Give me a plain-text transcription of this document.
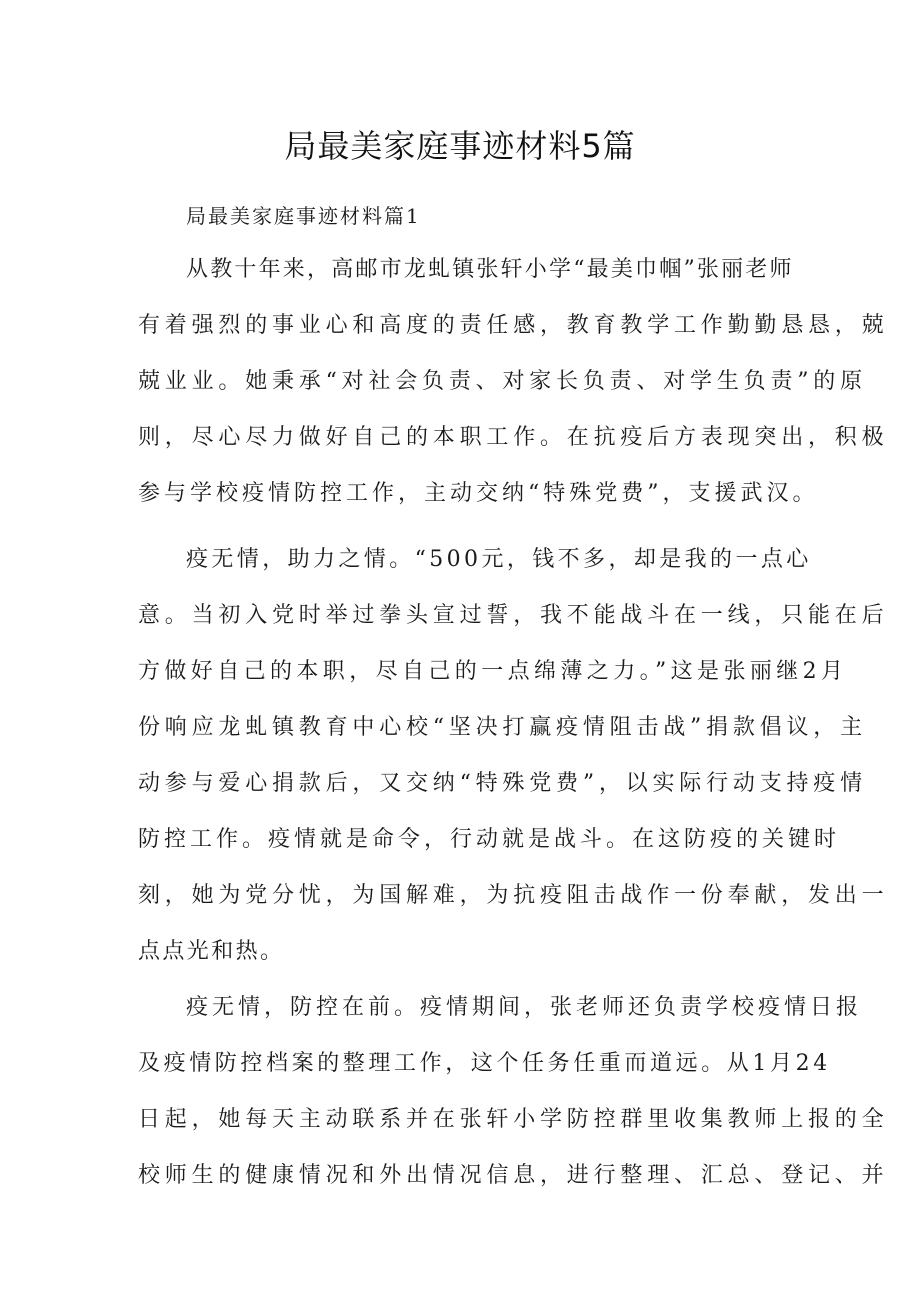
局最美家庭事迹材料5篇

局最美家庭事迹材料篇1

从教十年来，高邮市龙虬镇张轩小学“最美巾帼”张丽老师

有着强烈的事业心和高度的责任感，教育教学工作勤勤恳恳，兢

兢业业。她秉承“对社会负责、对家长负责、对学生负责”的原

则，尽心尽力做好自己的本职工作。在抗疫后方表现突出，积极

参与学校疫情防控工作，主动交纳“特殊党费”，支援武汉。

疫无情，助力之情。“500元，钱不多，却是我的一点心

意。当初入党时举过拳头宣过誓，我不能战斗在一线，只能在后

方做好自己的本职，尽自己的一点绵薄之力。”这是张丽继2月

份响应龙虬镇教育中心校“坚决打赢疫情阻击战”捐款倡议，主

动参与爱心捐款后，又交纳“特殊党费”，以实际行动支持疫情

防控工作。疫情就是命令，行动就是战斗。在这防疫的关键时

刻，她为党分忧，为国解难，为抗疫阻击战作一份奉献，发出一

点点光和热。

疫无情，防控在前。疫情期间，张老师还负责学校疫情日报

及疫情防控档案的整理工作，这个任务任重而道远。从1月24

日起，她每天主动联系并在张轩小学防控群里收集教师上报的全

校师生的健康情况和外出情况信息，进行整理、汇总、登记、并
